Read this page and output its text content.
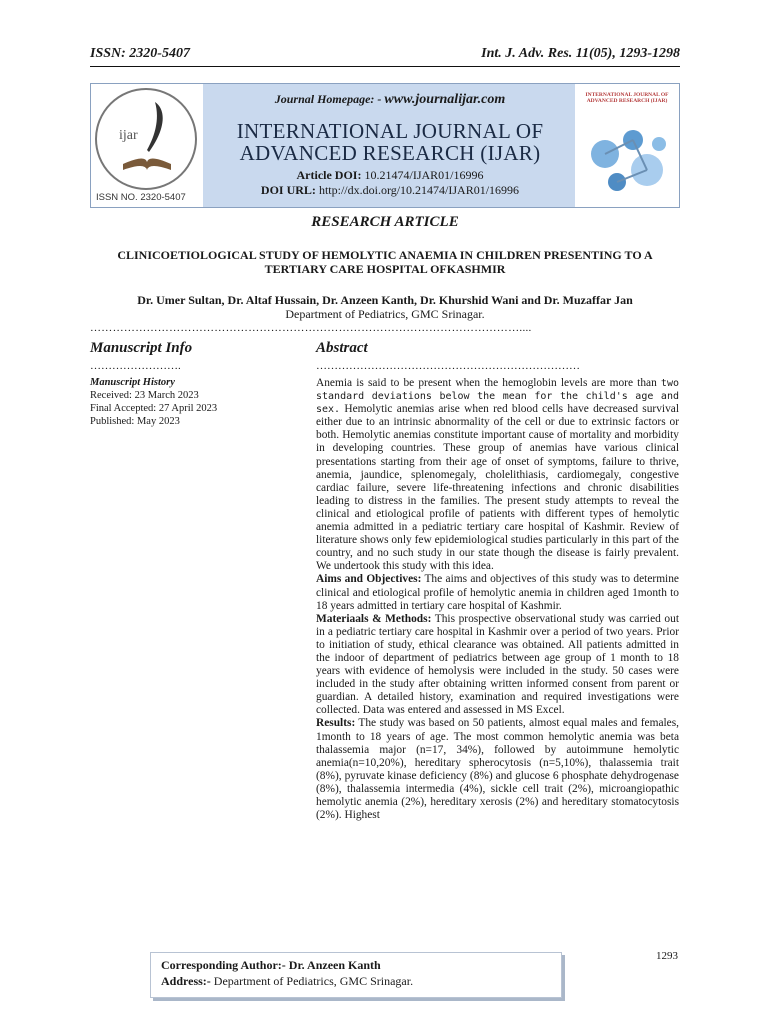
ISSN: 2320-5407	Int. J. Adv. Res. 11(05), 1293-1298
ijar
ISSN NO. 2320-5407
Journal Homepage: - www.journalijar.com
INTERNATIONAL JOURNAL OF
ADVANCED RESEARCH (IJAR)
Article DOI: 10.21474/IJAR01/16996
DOI URL: http://dx.doi.org/10.21474/IJAR01/16996
INTERNATIONAL JOURNAL OF ADVANCED RESEARCH (IJAR)
RESEARCH ARTICLE
CLINICOETIOLOGICAL STUDY OF HEMOLYTIC ANAEMIA IN CHILDREN PRESENTING TO A
TERTIARY CARE HOSPITAL OFKASHMIR
Dr. Umer Sultan, Dr. Altaf Hussain, Dr. Anzeen Kanth, Dr. Khurshid Wani and Dr. Muzaffar Jan
Department of Pediatrics, GMC Srinagar.
……………………………………………………………………………………………………....
Manuscript Info	Abstract
…………………….	………………………………………………………………
Manuscript History
Received: 23 March 2023
Final Accepted: 27 April 2023
Published: May 2023

Anemia is said to be present when the hemoglobin levels are more than two standard deviations below the mean for the child's age and sex. Hemolytic anemias arise when red blood cells have decreased survival either due to an intrinsic abnormality of the cell or due to extrinsic factors or both. Hemolytic anemias constitute important cause of mortality and morbidity in developing countries. These group of anemias have various clinical presentations starting from their age of onset of symptoms, failure to thrive, anemia, jaundice, splenomegaly, cholelithiasis, cardiomegaly, congestive cardiac failure, severe life-threatening infections and chronic disabilities leading to distress in the families. The present study attempts to reveal the clinical and etiological profile of patients with different types of hemolytic anemia admitted in a pediatric tertiary care hospital of Kashmir. Review of literature shows only few epidemiological studies particularly in this part of the country, and no such study in our state though the disease is fairly prevalent. We undertook this study with this idea.

Aims and Objectives: The aims and objectives of this study was to determine clinical and etiological profile of hemolytic anemia in children aged 1month to 18 years admitted in tertiary care hospital of Kashmir.

Materiaals & Methods: This prospective observational study was carried out in a pediatric tertiary care hospital in Kashmir over a period of two years. Prior to initiation of study, ethical clearance was obtained. All patients admitted in the indoor of department of pediatrics between age group of 1 month to 18 years with evidence of hemolysis were included in the study. 50 cases were included in the study after obtaining written informed consent from parent or guardian. A detailed history, examination and required investigations were collected. Data was entered and assessed in MS Excel.

Results: The study was based on 50 patients, almost equal males and females, 1month to 18 years of age. The most common hemolytic anemia was beta thalassemia major (n=17, 34%), followed by autoimmune hemolytic anemia(n=10,20%), hereditary spherocytosis (n=5,10%), thalassemia trait (8%), pyruvate kinase deficiency (8%) and glucose 6 phosphate dehydrogenase (8%), thalassemia intermedia (4%), sickle cell trait (2%), microangiopathic hemolytic anemia (2%), hereditary xerosis (2%) and hereditary stomatocytosis (2%). Highest

1293
Corresponding Author:- Dr. Anzeen Kanth
Address:- Department of Pediatrics, GMC Srinagar.
